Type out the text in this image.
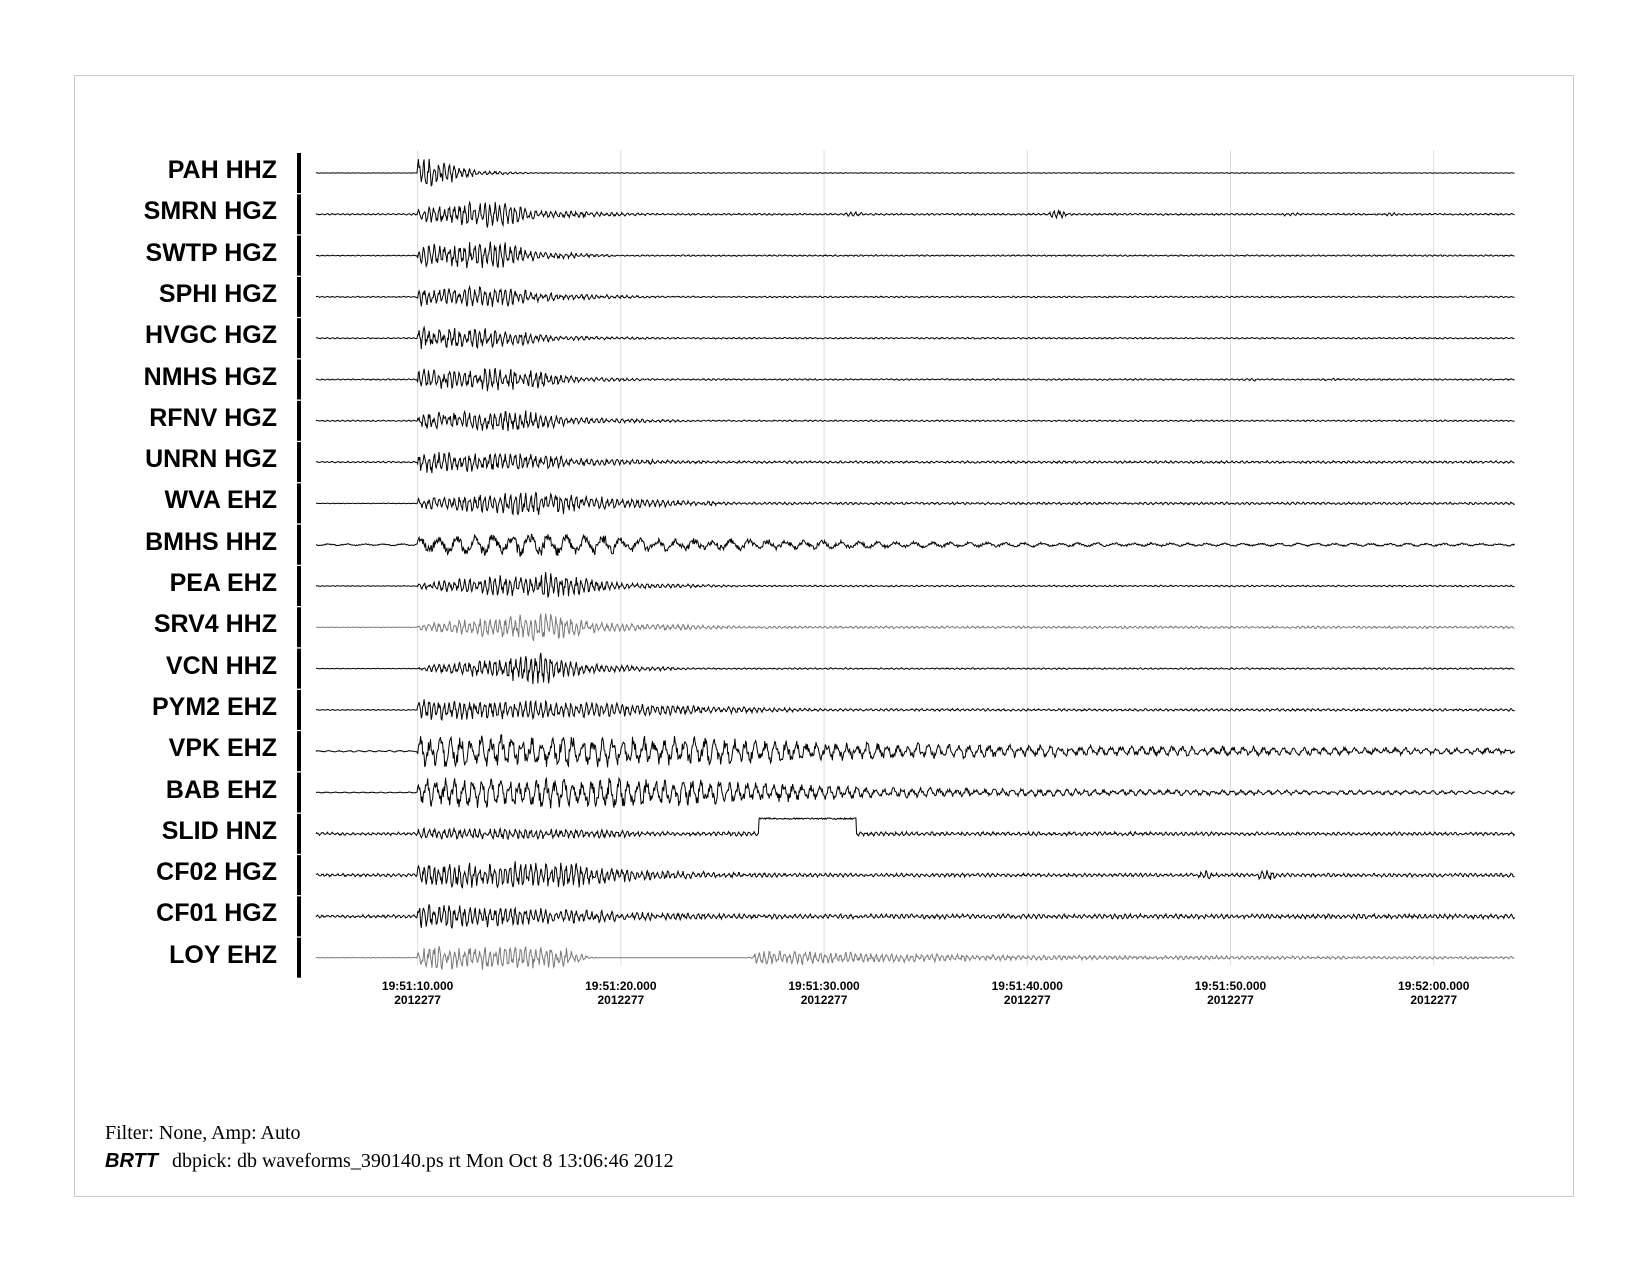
19:51:10.000
2012277
19:51:20.000
2012277
19:51:30.000
2012277
19:51:40.000
2012277
19:51:50.000
2012277
19:52:00.000
2012277
PAH HHZ
SMRN HGZ
SWTP HGZ
SPHI HGZ
HVGC HGZ
NMHS HGZ
RFNV HGZ
UNRN HGZ
WVA EHZ
BMHS HHZ
PEA EHZ
SRV4 HHZ
VCN HHZ
PYM2 EHZ
VPK EHZ
BAB EHZ
SLID HNZ
CF02 HGZ
CF01 HGZ
LOY EHZ
Filter: None, Amp: Auto
BRTT dbpick: db waveforms_390140.ps rt Mon Oct 8 13:06:46 2012
